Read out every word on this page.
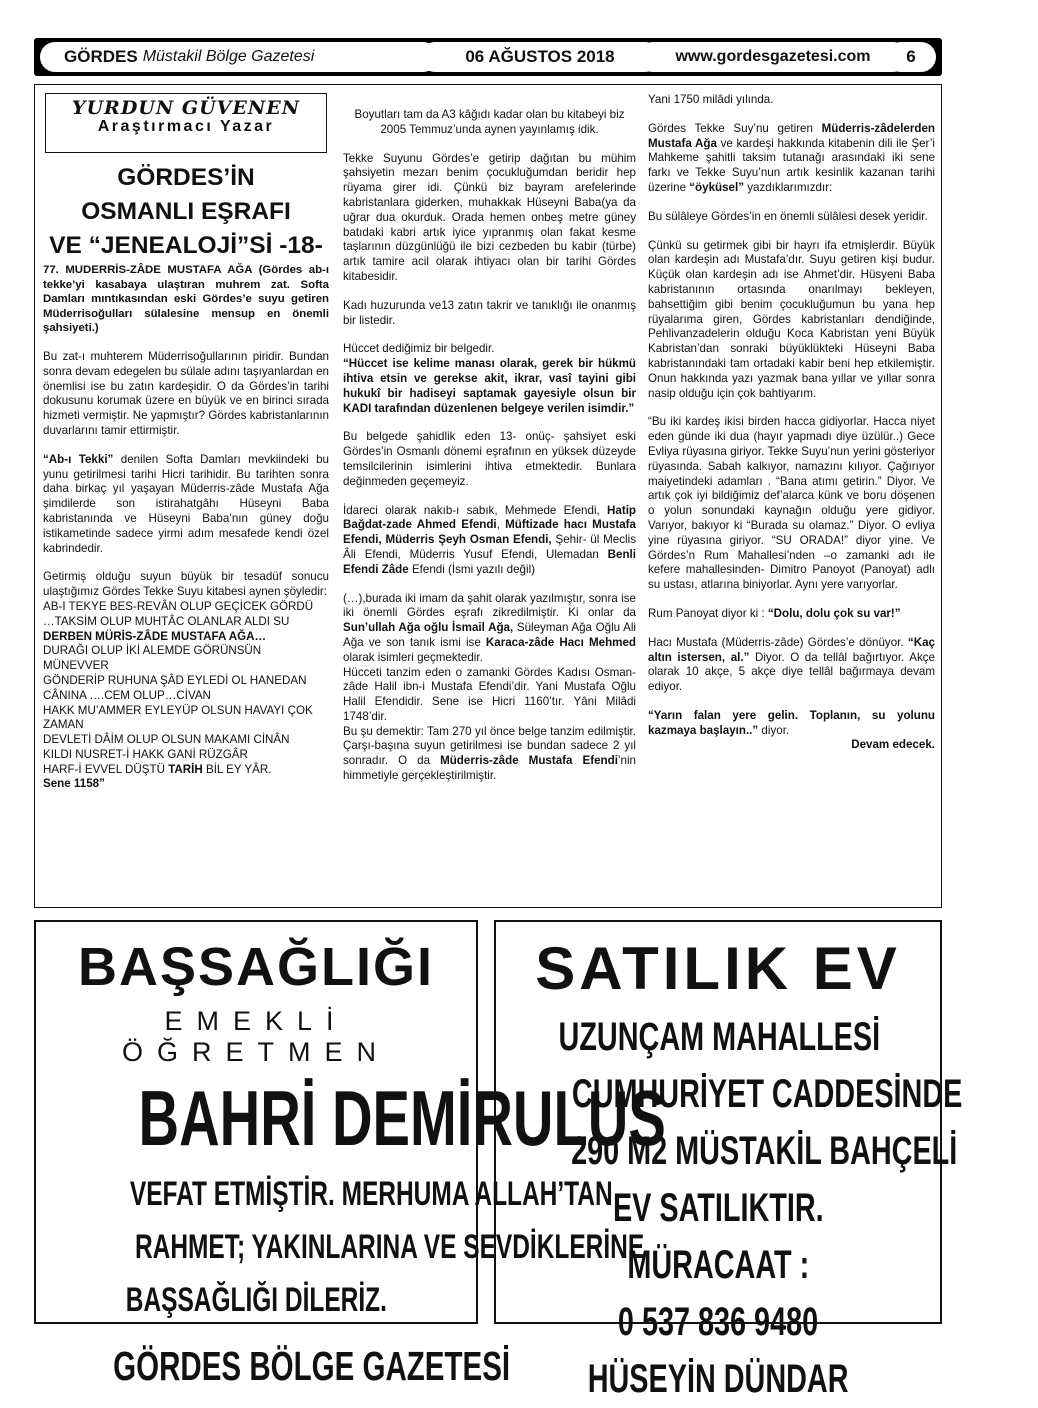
GÖRDES Müstakil Bölge Gazetesi	06 AĞUSTOS 2018	www.gordesgazetesi.com 6
YURDUN GÜVENEN
Araştırmacı Yazar
GÖRDES’İN
OSMANLI EŞRAFI
VE “JENEALOJİ”Sİ -18-

77. MUDERRİS-ZÂDE MUSTAFA AĞA (Gördes ab-ı tekke’yi kasabaya ulaştıran muhrem zat. Softa Damları mıntıkasından eski Gördes’e suyu getiren Müderrisoğulları sülalesine mensup en önemli şahsiyeti.)

Bu zat-ı muhterem Müderrisoğullarının piridir. Bundan sonra devam edegelen bu sülale adını taşıyanlardan en önemlisi ise bu zatın kardeşidir. O da Gördes’in tarihi dokusunu korumak üzere en büyük ve en birinci sırada hizmeti vermiştir. Ne yapmıştır? Gördes kabristanlarının duvarlarını tamir ettirmiştir.

“Ab-ı Tekki” denilen Softa Damları mevkiindeki bu yunu getirilmesi tarihi Hicri tarihidir. Bu tarihten sonra daha birkaç yıl yaşayan Müderris-zâde Mustafa Ağa şimdilerde son istirahatgâhı Hüseyni Baba kabristanında ve Hüseyni Baba’nın güney doğu istikametinde sadece yirmi adım mesafede kendi özel kabrindedir.

Getirmiş olduğu suyun büyük bir tesadüf sonucu ulaştığımız Gördes Tekke Suyu kitabesi aynen şöyledir:

AB-I TEKYE BES-REVÂN OLUP GEÇİCEK GÖRDÜ

…TAKSİM OLUP MUHTÂC OLANLAR ALDI SU

DERBEN MÜRİS-ZÂDE MUSTAFA AĞA…

DURAĞI OLUP İKİ ALEMDE GÖRÜNSÜN MÜNEVVER

GÖNDERİP RUHUNA ŞÂD EYLEDİ OL HANEDAN

CÂNINA ….CEM OLUP…CİVAN

HAKK MU’AMMER EYLEYÜP OLSUN HAVAYI ÇOK ZAMAN

DEVLETİ DÂİM OLUP OLSUN MAKAMI CİNÂN

KILDI NUSRET-İ HAKK GANİ RÜZGÂR

HARF-İ EVVEL DÜŞTÜ TARİH BİL EY YÂR.

Sene 1158”

Boyutları tam da A3 kâğıdı kadar olan bu kitabeyi biz 2005 Temmuz’unda aynen yayınlamış idik.

Tekke Suyunu Gördes’e getirip dağıtan bu mühim şahsiyetin mezarı benim çocukluğumdan beridir hep rüyama girer idi. Çünkü biz bayram arefelerinde kabristanlara giderken, muhakkak Hüseyni Baba(ya da uğrar dua okurduk. Orada hemen onbeş metre güney batıdaki kabri artık iyice yıpranmış olan fakat kesme taşlarının düzgünlüğü ile bizi cezbeden bu kabir (türbe) artık tamire acil olarak ihtiyacı olan bir tarihi Gördes kitabesidir.

Kadı huzurunda ve13 zatın takrir ve tanıklığı ile onanmış bir listedir.

Hüccet dediğimiz bir belgedir.

“Hüccet ise kelime manası olarak, gerek bir hükmü ihtiva etsin ve gerekse akit, ikrar, vasî tayini gibi hukukî bir hadiseyi saptamak gayesiyle olsun bir KADI tarafından düzenlenen belgeye verilen isimdir.”

Bu belgede şahidlik eden 13- onüç- şahsiyet eski Gördes’in Osmanlı dönemi eşrafının en yüksek düzeyde temsilcilerinin isimlerini ihtiva etmektedir. Bunlara değinmeden geçemeyiz.

İdareci olarak nakıb-ı sabık, Mehmede Efendi, Hatip Bağdat-zade Ahmed Efendi, Müftizade hacı Mustafa Efendi, Müderris Şeyh Osman Efendi, Şehir- ül Meclis Âli Efendi, Müderris Yusuf Efendi, Ulemadan Benli Efendi Zâde Efendi (İsmi yazılı değil)

(…),burada iki imam da şahit olarak yazılmıştır, sonra ise iki önemli Gördes eşrafı zikredilmiştir. Ki onlar da Sun’ullah Ağa oğlu İsmail Ağa, Süleyman Ağa Oğlu Ali Ağa ve son tanık ismi ise Karaca-zâde Hacı Mehmed olarak isimleri geçmektedir.

Hücceti tanzim eden o zamanki Gördes Kadısı Osman-zâde Halil ibn-i Mustafa Efendi’dir. Yani Mustafa Oğlu Halil Efendidir. Sene ise Hicri 1160’tır. Yâni Milâdi 1748’dir.

Bu şu demektir: Tam 270 yıl önce belge tanzim edilmiştir. Çarşı-başına suyun getirilmesi ise bundan sadece 2 yıl sonradır. O da Müderris-zâde Mustafa Efendi’nin himmetiyle gerçekleştirilmiştir.

Yani 1750 milâdi yılında.

Gördes Tekke Suy’nu getiren Müderris-zâdelerden Mustafa Ağa ve kardeşi hakkında kitabenin dili ile Şer’i Mahkeme şahitli taksim tutanağı arasındaki iki sene farkı ve Tekke Suyu’nun artık kesinlik kazanan tarihi üzerine “öyküsel” yazdıklarımızdır:

Bu sülâleye Gördes’in en önemli sülâlesi desek yeridir.

Çünkü su getirmek gibi bir hayrı ifa etmişlerdir. Büyük olan kardeşin adı Mustafa’dır. Suyu getiren kişi budur. Küçük olan kardeşin adı ise Ahmet’dir. Hüsyeni Baba kabristanının ortasında onarılmayı bekleyen, bahsettiğim gibi benim çocukluğumun bu yana hep rüyalarıma giren, Gördes kabristanları dendiğinde, Pehlivanzadelerin olduğu Koca Kabristan yeni Büyük Kabristan’dan sonraki büyüklükteki Hüseyni Baba kabristanındaki tam ortadaki kabir beni hep etkilemiştir. Onun hakkında yazı yazmak bana yıllar ve yıllar sonra nasip olduğu için çok bahtiyarım.

“Bu iki kardeş ikisi birden hacca gidiyorlar. Hacca niyet eden günde iki dua (hayır yapmadı diye üzülür..) Gece Evliya rüyasına giriyor. Tekke Suyu’nun yerini gösteriyor rüyasında. Sabah kalkıyor, namazını kılıyor. Çağırıyor maiyetindeki adamları . “Bana atımı getirin.” Diyor. Ve artık çok iyi bildiğimiz def’alarca künk ve boru döşenen o yolun sonundaki kaynağın olduğu yere gidiyor. Varıyor, bakıyor ki “Burada su olamaz.” Diyor. O evliya yine rüyasına giriyor. “SU ORADA!” diyor yine. Ve Gördes’n Rum Mahallesi’nden –o zamanki adı ile kefere mahallesinden- Dimitro Panoyot (Panoyat) adlı su ustası, atlarına biniyorlar. Aynı yere varıyorlar.

Rum Panoyat diyor ki : “Dolu, dolu çok su var!”

Hacı Mustafa (Müderris-zâde) Gördes’e dönüyor. “Kaç altın istersen, al.” Diyor. O da tellâl bağırtıyor. Akçe olarak 10 akçe, 5 akçe diye tellâl bağırmaya devam ediyor.

“Yarın falan yere gelin. Toplanın, su yolunu kazmaya başlayın..” diyor.

Devam edecek.

BAŞSAĞLIĞI
EMEKLİ ÖĞRETMEN
BAHRİ DEMİRULUS
VEFAT ETMİŞTİR. MERHUMA ALLAH’TAN
RAHMET; YAKINLARINA VE SEVDİKLERİNE
BAŞSAĞLIĞI DİLERİZ.
GÖRDES BÖLGE GAZETESİ
SATILIK EV
UZUNÇAM MAHALLESİ
CUMHURİYET CADDESİNDE
290 M2 MÜSTAKİL BAHÇELİ
EV SATILIKTIR.
MÜRACAAT :
0 537 836 9480
HÜSEYİN DÜNDAR
